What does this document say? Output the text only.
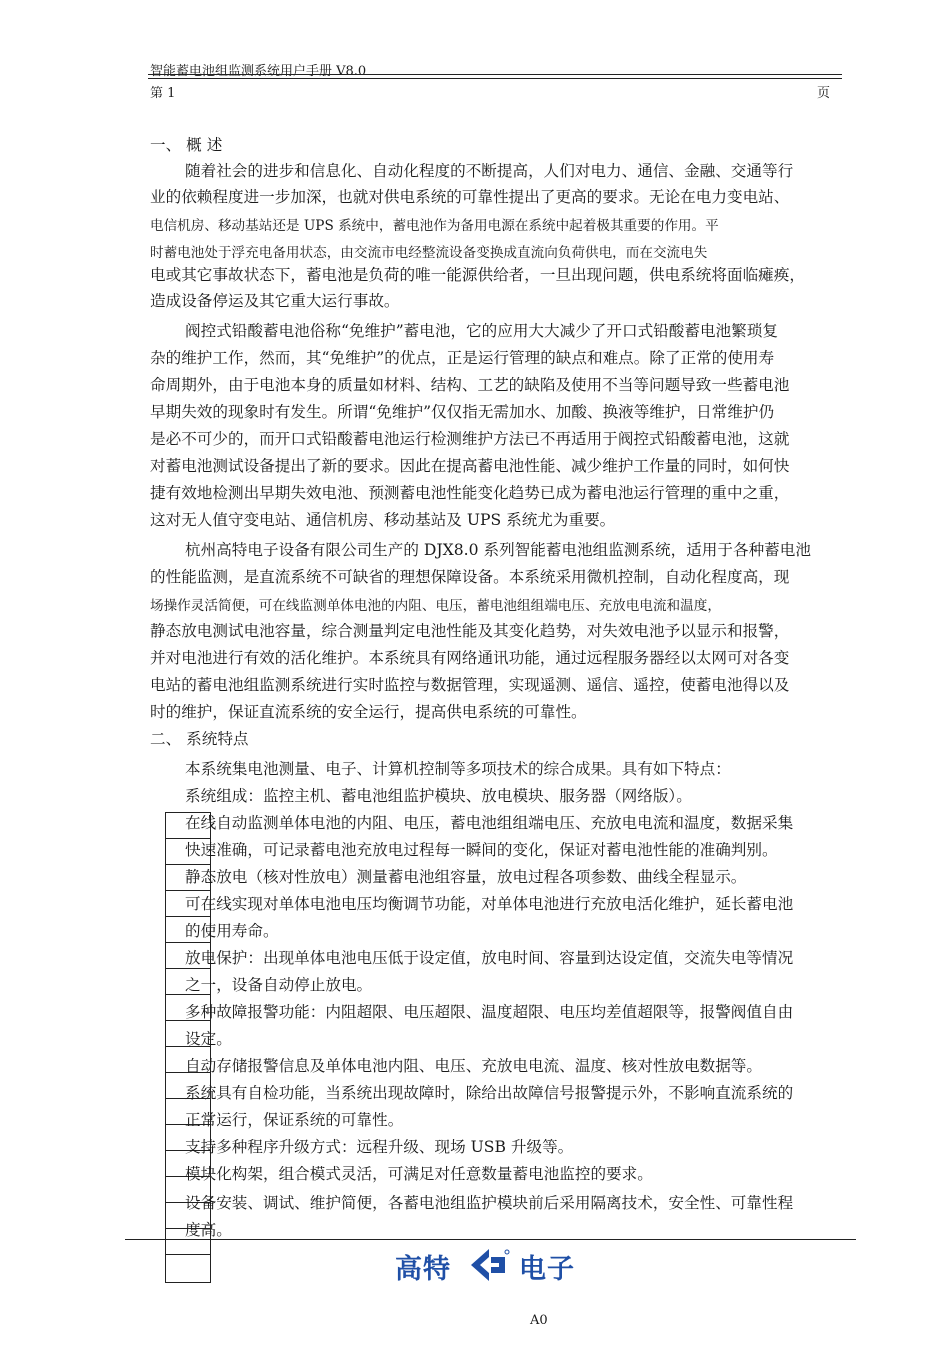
智能蓄电池组监测系统用户手册 V8.0
第 1	页
一、 概 述
随着社会的进步和信息化、自动化程度的不断提高，人们对电力、通信、金融、交通等行
业的依赖程度进一步加深，也就对供电系统的可靠性提出了更高的要求。无论在电力变电站、
电信机房、移动基站还是 UPS 系统中，蓄电池作为备用电源在系统中起着极其重要的作用。平
时蓄电池处于浮充电备用状态，由交流市电经整流设备变换成直流向负荷供电，而在交流电失
电或其它事故状态下，蓄电池是负荷的唯一能源供给者，一旦出现问题，供电系统将面临瘫痪，
造成设备停运及其它重大运行事故。
阀控式铅酸蓄电池俗称“免维护”蓄电池，它的应用大大减少了开口式铅酸蓄电池繁琐复
杂的维护工作，然而，其“免维护”的优点，正是运行管理的缺点和难点。除了正常的使用寿
命周期外，由于电池本身的质量如材料、结构、工艺的缺陷及使用不当等问题导致一些蓄电池
早期失效的现象时有发生。所谓“免维护”仅仅指无需加水、加酸、换液等维护，日常维护仍
是必不可少的，而开口式铅酸蓄电池运行检测维护方法已不再适用于阀控式铅酸蓄电池，这就
对蓄电池测试设备提出了新的要求。因此在提高蓄电池性能、减少维护工作量的同时，如何快
捷有效地检测出早期失效电池、预测蓄电池性能变化趋势已成为蓄电池运行管理的重中之重，
这对无人值守变电站、通信机房、移动基站及 UPS 系统尤为重要。
杭州高特电子设备有限公司生产的 DJX8.0 系列智能蓄电池组监测系统，适用于各种蓄电池
的性能监测，是直流系统不可缺省的理想保障设备。本系统采用微机控制，自动化程度高，现
场操作灵活简便，可在线监测单体电池的内阻、电压，蓄电池组组端电压、充放电电流和温度，
静态放电测试电池容量，综合测量判定电池性能及其变化趋势，对失效电池予以显示和报警，
并对电池进行有效的活化维护。本系统具有网络通讯功能，通过远程服务器经以太网可对各变
电站的蓄电池组监测系统进行实时监控与数据管理，实现遥测、遥信、遥控，使蓄电池得以及
时的维护，保证直流系统的安全运行，提高供电系统的可靠性。
二、 系统特点
本系统集电池测量、电子、计算机控制等多项技术的综合成果。具有如下特点：
系统组成：监控主机、蓄电池组监护模块、放电模块、服务器（网络版）。
在线自动监测单体电池的内阻、电压，蓄电池组组端电压、充放电电流和温度，数据采集
快速准确，可记录蓄电池充放电过程每一瞬间的变化，保证对蓄电池性能的准确判别。
静态放电（核对性放电）测量蓄电池组容量，放电过程各项参数、曲线全程显示。
可在线实现对单体电池电压均衡调节功能，对单体电池进行充放电活化维护，延长蓄电池
的使用寿命。
放电保护：出现单体电池电压低于设定值，放电时间、容量到达设定值，交流失电等情况
之一，设备自动停止放电。
多种故障报警功能：内阻超限、电压超限、温度超限、电压均差值超限等，报警阀值自由
设定。
自动存储报警信息及单体电池内阻、电压、充放电电流、温度、核对性放电数据等。
系统具有自检功能，当系统出现故障时，除给出故障信号报警提示外，不影响直流系统的
正常运行，保证系统的可靠性。
支持多种程序升级方式：远程升级、现场 USB 升级等。
模块化构架，组合模式灵活，可满足对任意数量蓄电池监控的要求。
设备安装、调试、维护简便，各蓄电池组监护模块前后采用隔离技术，安全性、可靠性程
度高。
高特	电子
A0
